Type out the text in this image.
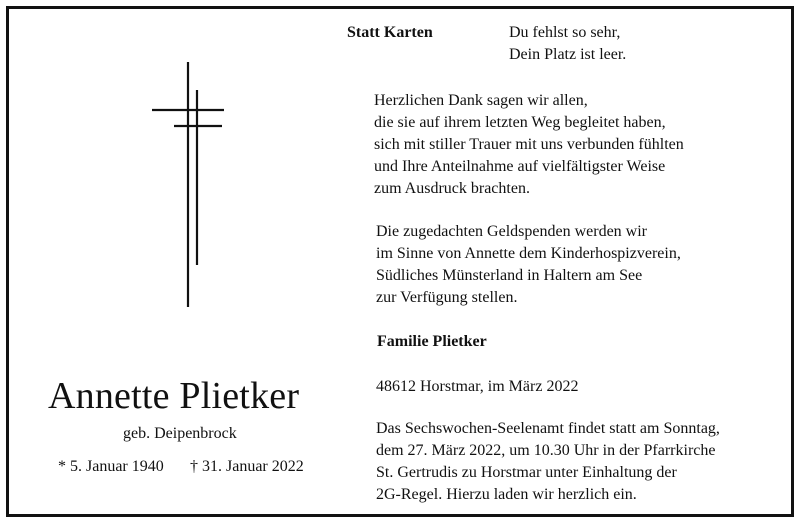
Statt Karten	Du fehlst so sehr,
Dein Platz ist leer.
Herzlichen Dank sagen wir allen,
die sie auf ihrem letzten Weg begleitet haben,
sich mit stiller Trauer mit uns verbunden fühlten
und Ihre Anteilnahme auf vielfältigster Weise
zum Ausdruck brachten.
Die zugedachten Geldspenden werden wir
im Sinne von Annette dem Kinderhospizverein,
Südliches Münsterland in Haltern am See
zur Verfügung stellen.
Familie Plietker
48612 Horstmar, im März 2022
Das Sechswochen-Seelenamt findet statt am Sonntag,
dem 27. März 2022, um 10.30 Uhr in der Pfarrkirche
St. Gertrudis zu Horstmar unter Einhaltung der
2G-Regel. Hierzu laden wir herzlich ein.
Annette Plietker
geb. Deipenbrock
* 5. Januar 1940 † 31. Januar 2022
